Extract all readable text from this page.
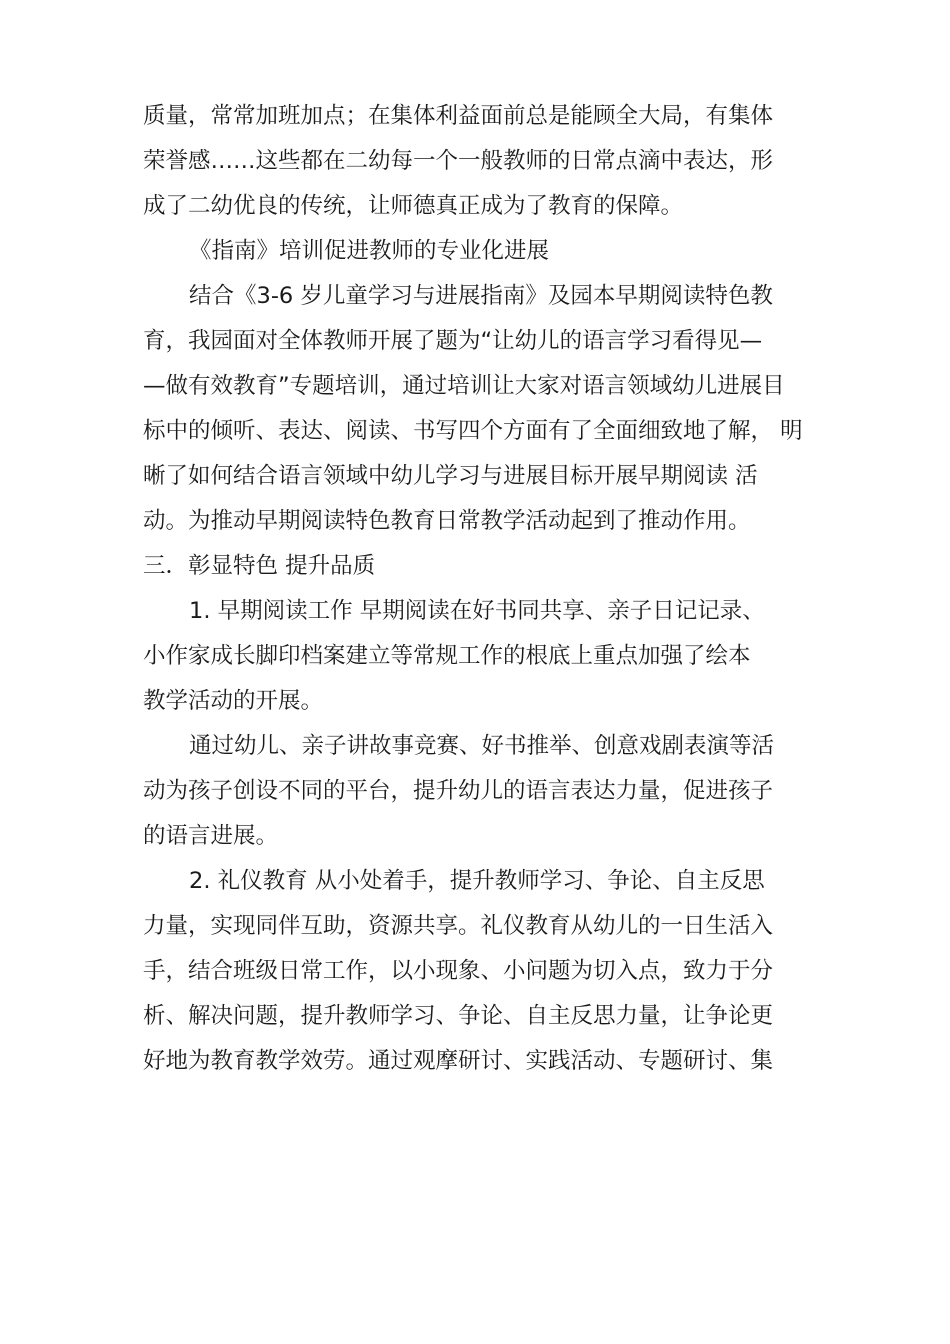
质量，常常加班加点；在集体利益面前总是能顾全大局，有集体
荣誉感……这些都在二幼每一个一般教师的日常点滴中表达，形
成了二幼优良的传统，让师德真正成为了教育的保障。
《指南》培训促进教师的专业化进展
结合《3-6 岁儿童学习与进展指南》及园本早期阅读特色教
育，我园面对全体教师开展了题为“让幼儿的语言学习看得见—
—做有效教育”专题培训，通过培训让大家对语言领域幼儿进展目
标中的倾听、表达、阅读、书写四个方面有了全面细致地了解， 明
晰了如何结合语言领域中幼儿学习与进展目标开展早期阅读 活
动。为推动早期阅读特色教育日常教学活动起到了推动作用。
三．彰显特色 提升品质
1. 早期阅读工作 早期阅读在好书同共享、亲子日记记录、
小作家成长脚印档案建立等常规工作的根底上重点加强了绘本
教学活动的开展。
通过幼儿、亲子讲故事竞赛、好书推举、创意戏剧表演等活
动为孩子创设不同的平台，提升幼儿的语言表达力量，促进孩子
的语言进展。
2. 礼仪教育 从小处着手，提升教师学习、争论、自主反思
力量，实现同伴互助，资源共享。礼仪教育从幼儿的一日生活入
手，结合班级日常工作，以小现象、小问题为切入点，致力于分
析、解决问题，提升教师学习、争论、自主反思力量，让争论更
好地为教育教学效劳。通过观摩研讨、实践活动、专题研讨、集
